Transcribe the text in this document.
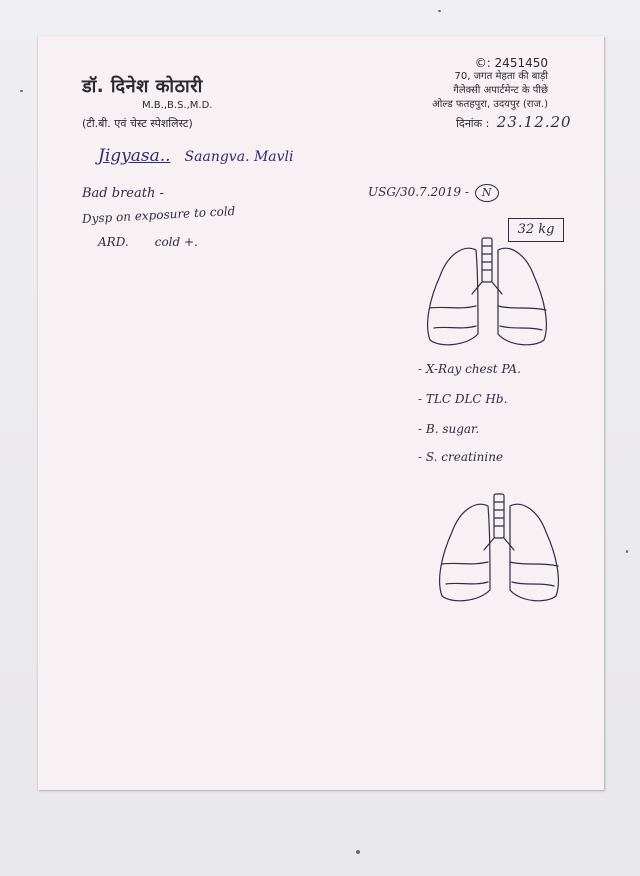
डॉ. दिनेश कोठारी
M.B.,B.S.,M.D.
(टी.बी. एवं चेस्ट स्पेशलिस्ट)
©: 2451450
70, जगत मेहता की बाड़ी
गैलेक्सी अपार्टमेन्ट के पीछे
ओल्ड फतहपुरा, उदयपुर (राज.)
दिनांक : 23.12.20
Jigyasa.. Saangva. Mavli
Bad breath -
Dysp on exposure to cold
ARD. cold +.
USG/30.7.2019 - N
32 kg
- X-Ray chest PA.
- TLC DLC Hb.
- B. sugar.
- S. creatinine
